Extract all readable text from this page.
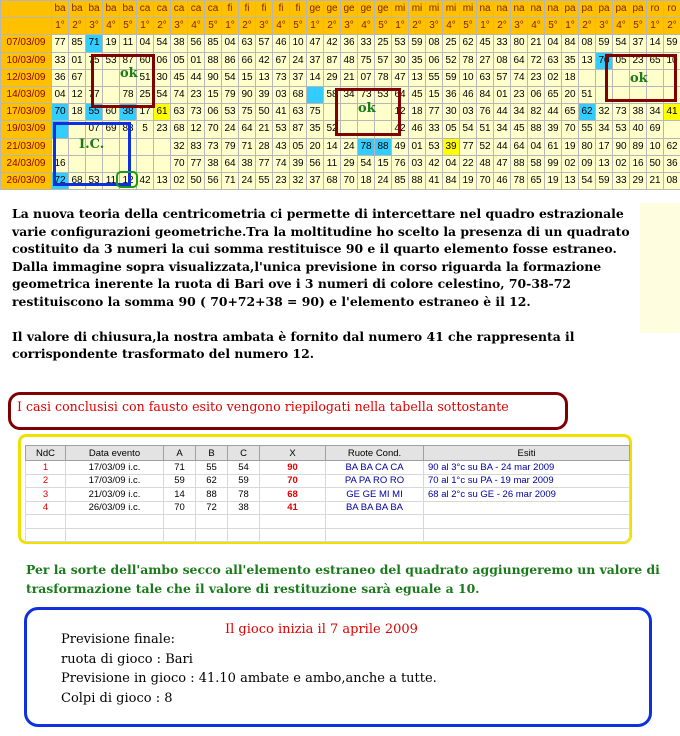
	ba	ba	ba	ba	ba	ca	ca	ca	ca	ca	fi	fi	fi	fi	fi	ge	ge	ge	ge	ge	mi	mi	mi	mi	mi	na	na	na	na	na	pa	pa	pa	pa	pa	ro	ro
	1°	2°	3°	4°	5°	1°	2°	3°	4°	5°	1°	2°	3°	4°	5°	1°	2°	3°	4°	5°	1°	2°	3°	4°	5°	1°	2°	3°	4°	5°	1°	2°	3°	4°	5°	1°	2°
07/03/09	77	85	71	19	11	04	54	38	56	85	04	63	57	46	10	47	42	36	33	25	53	59	08	25	62	45	33	80	21	04	84	08	59	54	37	14	59
10/03/09	33	01	75	53	87	60	06	05	01	88	86	66	42	67	24	37	87	48	75	57	30	35	06	52	78	27	08	64	72	63	35	13	70	05	23	65	10
12/03/09	36	67				51	30	45	44	90	54	15	13	73	37	14	29	21	07	78	47	13	55	59	10	63	57	74	23	02	18						
14/03/09	04	12	77		78	25	54	74	23	15	79	90	39	03	68		58	34	73	53	64	45	15	36	46	84	01	23	06	65	20	51					
17/03/09	70	18	55	60	38	17	61	63	73	06	53	75	50	41	63	75					12	18	77	30	03	76	44	34	82	44	65	62	32	73	38	34	41
19/03/09			07	69	88	5	23	68	12	70	24	64	21	53	87	35	52				42	46	33	05	54	51	34	45	88	39	70	55	34	53	40	69	
21/03/09								32	83	73	79	71	28	43	05	20	14	24	78	88	49	01	53	39	77	52	44	64	04	61	19	80	17	90	89	10	62
24/03/09	16							70	77	38	64	38	77	74	39	56	11	29	54	15	76	03	42	04	22	48	47	88	58	99	02	09	13	02	16	50	36
26/03/09	72	68	53	11	12	42	13	02	50	56	71	24	55	23	32	37	68	70	18	24	85	88	41	84	19	70	46	78	65	19	13	54	59	33	29	21	08
ok
ok
ok
I.C.

La nuova teoria della centricometria ci permette di intercettare nel quadro estrazionale varie configurazioni geometriche.Tra la moltitudine ho scelto la presenza di un quadrato costituito da 3 numeri la cui somma restituisce 90 e il quarto elemento fosse estraneo. Dalla immagine sopra visualizzata,l'unica previsione in corso riguarda la formazione geometrica inerente la ruota di Bari ove i 3 numeri di colore celestino, 70-38-72 restituiscono la somma 90 ( 70+72+38 = 90) e l'elemento estraneo è il 12.

Il valore di chiusura,la nostra ambata è fornito dal numero 41 che rappresenta il corrispondente trasformato del numero 12.

I casi conclusisi con fausto esito vengono riepilogati nella tabella sottostante
NdC	Data evento	A	B	C	X	Ruote Cond.	Esiti
1	17/03/09 i.c.	71	55	54	90	BA BA CA CA	90 al 3°c su BA - 24 mar 2009
2	17/03/09 i.c.	59	62	59	70	PA PA RO RO	70 al 1°c su PA - 19 mar 2009
3	21/03/09 i.c.	14	88	78	68	GE GE MI MI	68 al 2°c su GE - 26 mar 2009
4	26/03/09 i.c.	70	72	38	41	BA BA BA BA	

Per la sorte dell'ambo secco all'elemento estraneo del quadrato aggiungeremo un valore di trasformazione tale che il valore di restituzione sarà eguale a 10.
Il gioco inizia il 7 aprile 2009
Previsione finale:
ruota di gioco : Bari
Previsione in gioco : 41.10 ambate e ambo,anche a tutte.
Colpi di gioco : 8
